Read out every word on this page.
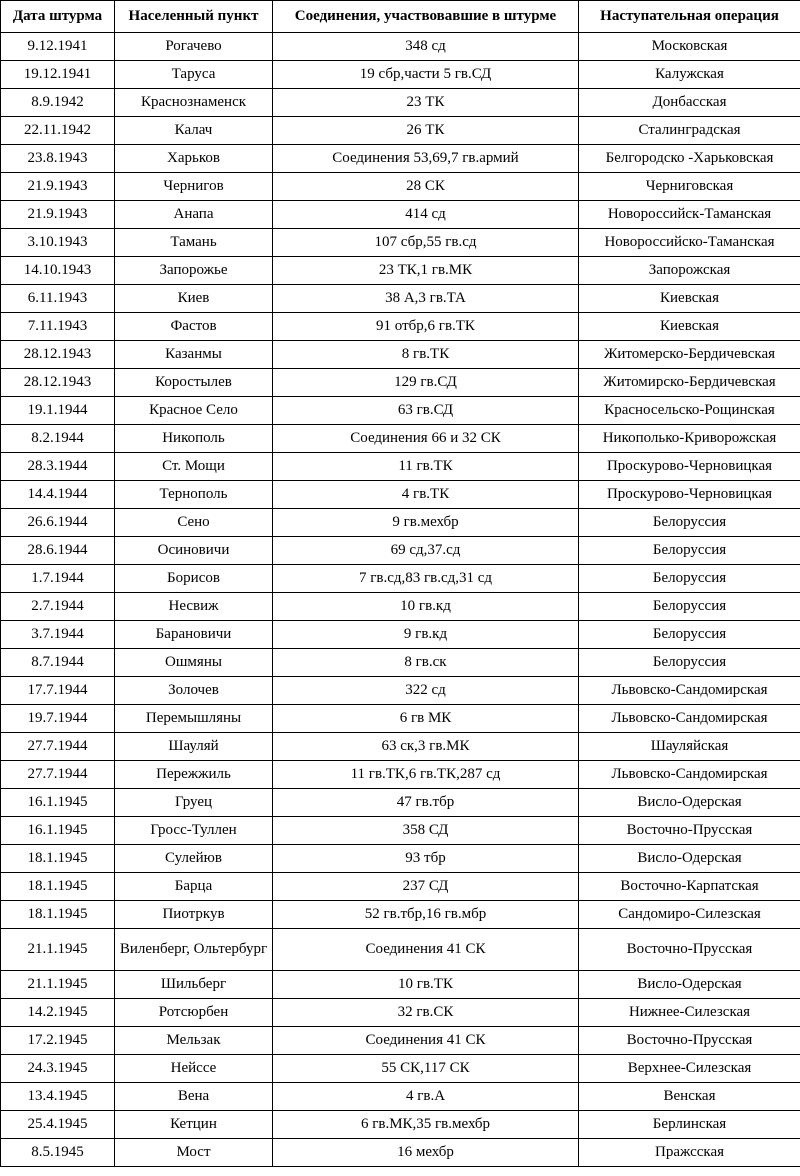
Дата штурма	Населенный пункт	Соединения, участвовавшие в штурме	Наступательная операция
9.12.1941	Рогачево	348 сд	Московская
19.12.1941	Таруса	19 сбр,части 5 гв.СД	Калужская
8.9.1942	Краснознаменск	23 ТК	Донбасская
22.11.1942	Калач	26 ТК	Сталинградская
23.8.1943	Харьков	Соединения 53,69,7 гв.армий	Белгородско -Харьковская
21.9.1943	Чернигов	28 СК	Черниговская
21.9.1943	Анапа	414 сд	Новороссийск-Таманская
3.10.1943	Тамань	107 сбр,55 гв.сд	Новороссийско-Таманская
14.10.1943	Запорожье	23 ТК,1 гв.МК	Запорожская
6.11.1943	Киев	38 А,3 гв.ТА	Киевская
7.11.1943	Фастов	91 отбр,6 гв.ТК	Киевская
28.12.1943	Казанмы	8 гв.ТК	Житомерско-Бердичевская
28.12.1943	Коростылев	129 гв.СД	Житомирско-Бердичевская
19.1.1944	Красное Село	63 гв.СД	Красносельско-Рощинская
8.2.1944	Никополь	Соединения 66 и 32 СК	Никополько-Криворожская
28.3.1944	Ст. Мощи	11 гв.ТК	Проскурово-Черновицкая
14.4.1944	Тернополь	4 гв.ТК	Проскурово-Черновицкая
26.6.1944	Сено	9 гв.мехбр	Белоруссия
28.6.1944	Осиновичи	69 сд,37.сд	Белоруссия
1.7.1944	Борисов	7 гв.сд,83 гв.сд,31 сд	Белоруссия
2.7.1944	Несвиж	10 гв.кд	Белоруссия
3.7.1944	Барановичи	9 гв.кд	Белоруссия
8.7.1944	Ошмяны	8 гв.ск	Белоруссия
17.7.1944	Золочев	322 сд	Львовско-Сандомирская
19.7.1944	Перемышляны	6 гв МК	Львовско-Сандомирская
27.7.1944	Шауляй	63 ск,3 гв.МК	Шауляйская
27.7.1944	Пережжиль	11 гв.ТК,6 гв.ТК,287 сд	Львовско-Сандомирская
16.1.1945	Груец	47 гв.тбр	Висло-Одерская
16.1.1945	Гросс-Туллен	358 СД	Восточно-Прусская
18.1.1945	Сулейюв	93 тбр	Висло-Одерская
18.1.1945	Барца	237 СД	Восточно-Карпатская
18.1.1945	Пиотркув	52 гв.тбр,16 гв.мбр	Сандомиро-Силезская
21.1.1945	Виленберг, Ольтербург	Соединения 41 СК	Восточно-Прусская
21.1.1945	Шильберг	10 гв.ТК	Висло-Одерская
14.2.1945	Ротсюрбен	32 гв.СК	Нижнее-Силезская
17.2.1945	Мельзак	Соединения 41 СК	Восточно-Прусская
24.3.1945	Нейссе	55 СК,117 СК	Верхнее-Силезская
13.4.1945	Вена	4 гв.А	Венская
25.4.1945	Кетцин	6 гв.МК,35 гв.мехбр	Берлинская
8.5.1945	Мост	16 мехбр	Пражсская
